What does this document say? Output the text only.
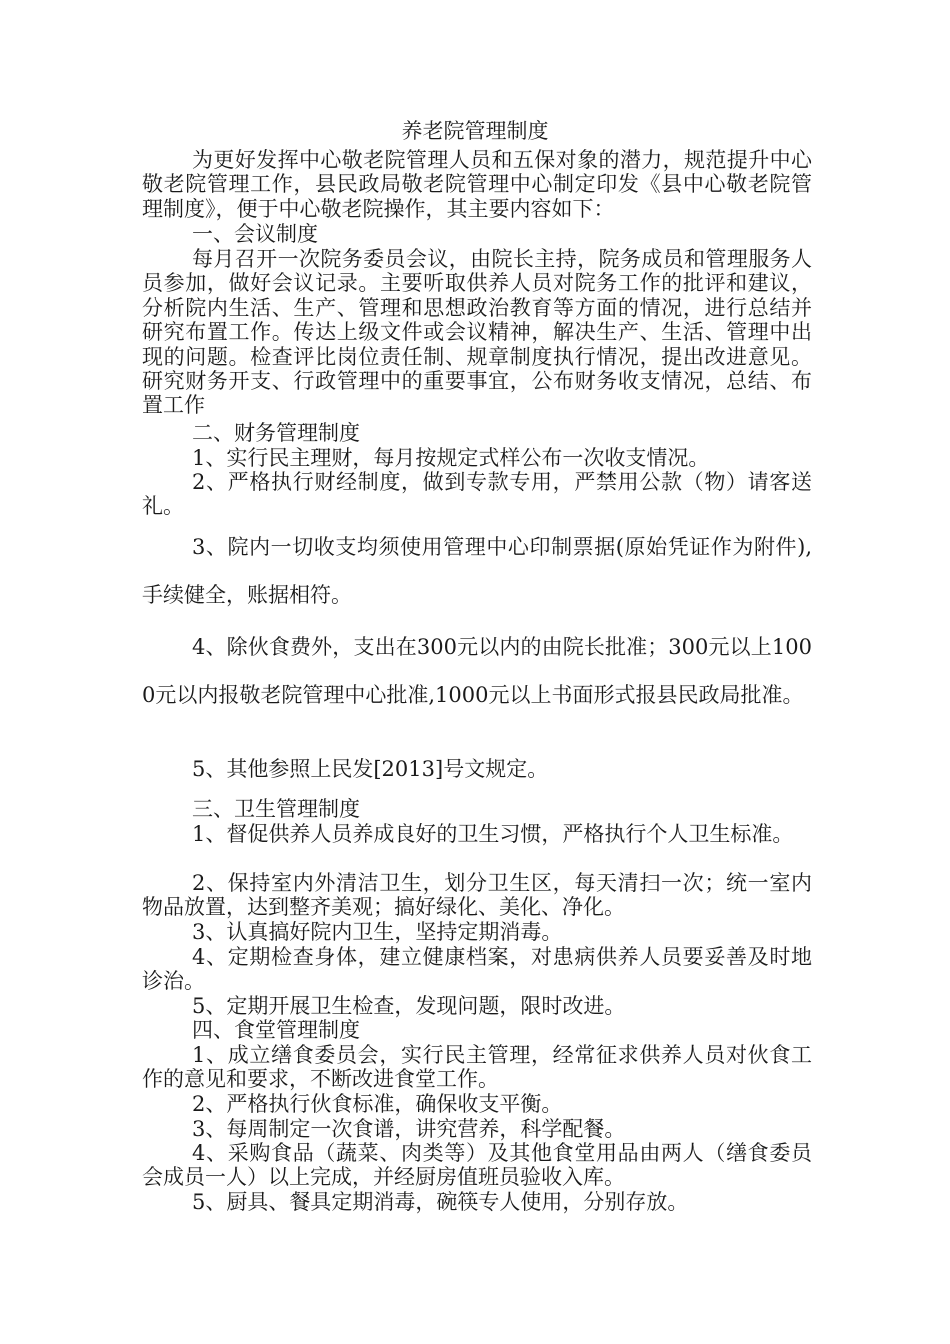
养老院管理制度
为更好发挥中心敬老院管理人员和五保对象的潜力，规范提升中心敬老院管理工作，县民政局敬老院管理中心制定印发《县中心敬老院管理制度》，便于中心敬老院操作，其主要内容如下：
一、会议制度
每月召开一次院务委员会议，由院长主持，院务成员和管理服务人员参加，做好会议记录。主要听取供养人员对院务工作的批评和建议，分析院内生活、生产、管理和思想政治教育等方面的情况，进行总结并研究布置工作。传达上级文件或会议精神，解决生产、生活、管理中出现的问题。检查评比岗位责任制、规章制度执行情况，提出改进意见。研究财务开支、行政管理中的重要事宜，公布财务收支情况，总结、布置工作
二、财务管理制度
1、实行民主理财，每月按规定式样公布一次收支情况。
2、严格执行财经制度，做到专款专用，严禁用公款（物）请客送礼。
3、院内一切收支均须使用管理中心印制票据(原始凭证作为附件),手续健全，账据相符。
4、除伙食费外，支出在300元以内的由院长批准；300元以上1000元以内报敬老院管理中心批准,1000元以上书面形式报县民政局批准。
5、其他参照上民发[2013]号文规定。
三、卫生管理制度
1、督促供养人员养成良好的卫生习惯，严格执行个人卫生标准。
2、保持室内外清洁卫生，划分卫生区，每天清扫一次；统一室内物品放置，达到整齐美观；搞好绿化、美化、净化。
3、认真搞好院内卫生，坚持定期消毒。
4、定期检查身体，建立健康档案，对患病供养人员要妥善及时地诊治。
5、定期开展卫生检查，发现问题，限时改进。
四、食堂管理制度
1、成立缮食委员会，实行民主管理，经常征求供养人员对伙食工作的意见和要求，不断改进食堂工作。
2、严格执行伙食标准，确保收支平衡。
3、每周制定一次食谱，讲究营养，科学配餐。
4、采购食品（蔬菜、肉类等）及其他食堂用品由两人（缮食委员会成员一人）以上完成，并经厨房值班员验收入库。
5、厨具、餐具定期消毒，碗筷专人使用，分别存放。
